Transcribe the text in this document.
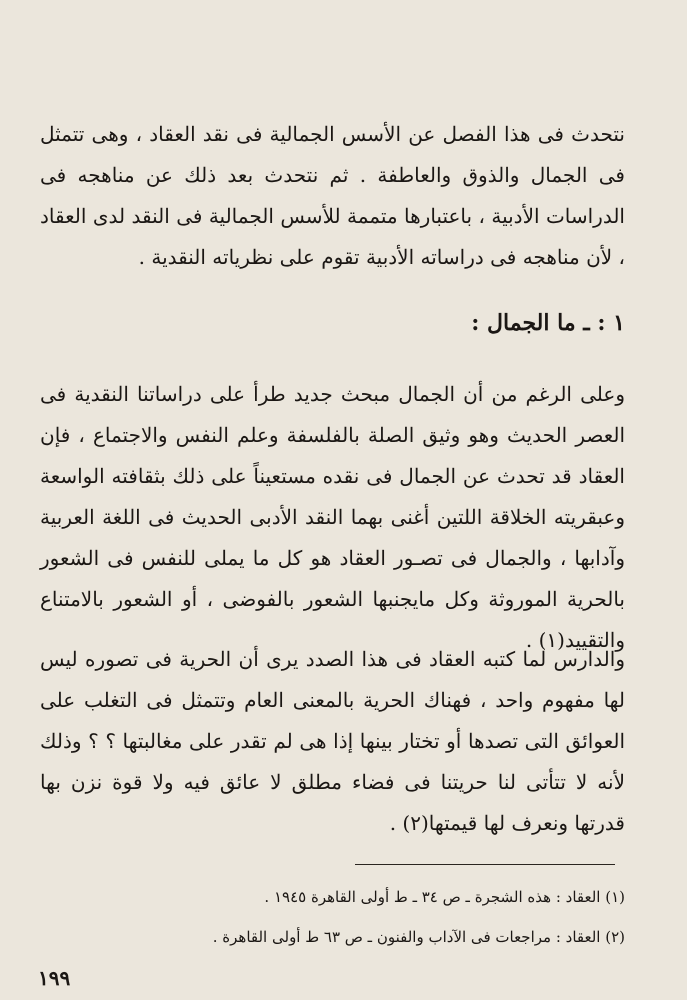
نتحدث فى هذا الفصل عن الأسس الجمالية فى نقد العقاد ، وهى تتمثل فى الجمال والذوق والعاطفة . ثم نتحدث بعد ذلك عن مناهجه فى الدراسات الأدبية ، باعتبارها متممة للأسس الجمالية فى النقد لدى العقاد ، لأن مناهجه فى دراساته الأدبية تقوم على نظرياته النقدية .

١ : ـ ما الجمال :

وعلى الرغم من أن الجمال مبحث جديد طرأ على دراساتنا النقدية فى العصر الحديث وهو وثيق الصلة بالفلسفة وعلم النفس والاجتماع ، فإن العقاد قد تحدث عن الجمال فى نقده مستعيناً على ذلك بثقافته الواسعة وعبقريته الخلاقة اللتين أغنى بهما النقد الأدبى الحديث فى اللغة العربية وآدابها ، والجمال فى تصـور العقاد هو كل ما يملى للنفس فى الشعور بالحرية الموروثة وكل مايجنبها الشعور بالفوضى ، أو الشعور بالامتناع والتقييد(١) .

والدارس لما كتبه العقاد فى هذا الصدد يرى أن الحرية فى تصوره ليس لها مفهوم واحد ، فهناك الحرية بالمعنى العام وتتمثل فى التغلب على العوائق التى تصدها أو تختار بينها إذا هى لم تقدر على مغالبتها ؟ ؟ وذلك لأنه لا تتأتى لنا حريتنا فى فضاء مطلق لا عائق فيه ولا قوة نزن بها قدرتها ونعرف لها قيمتها(٢) .

(١) العقاد : هذه الشجرة ـ ص ٣٤ ـ ط أولى القاهرة ١٩٤٥ .

(٢) العقاد : مراجعات فى الآداب والفنون ـ ص ٦٣ ط أولى القاهرة .

١٩٩
